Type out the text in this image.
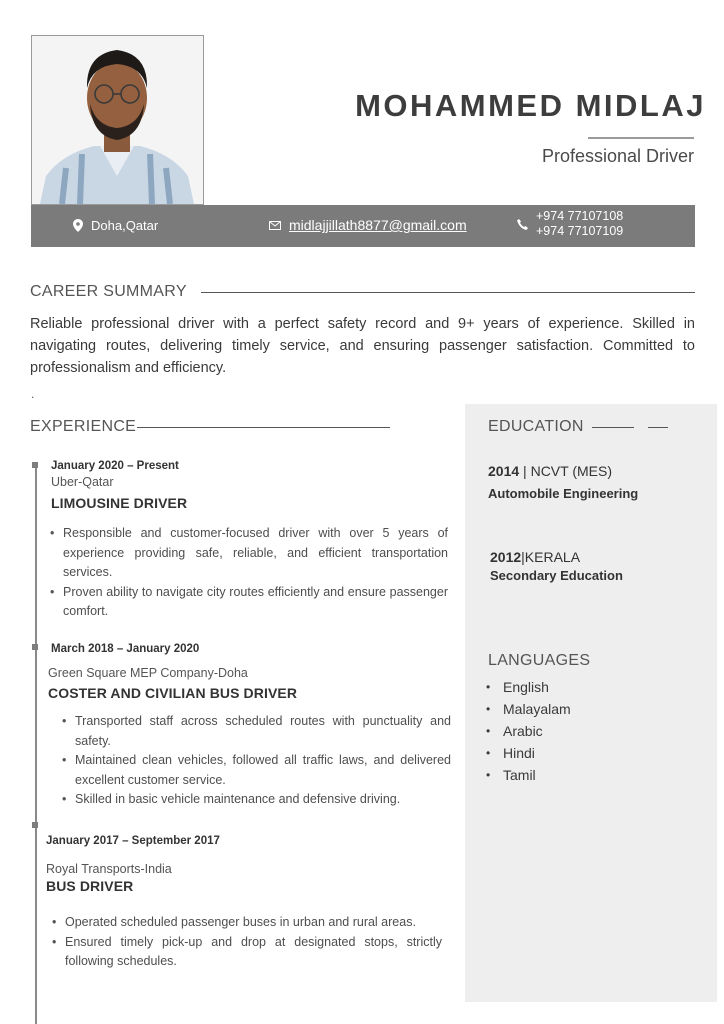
MOHAMMED MIDLAJ
Professional Driver
Doha,Qatar	midlajjillath8877@gmail.com
+974 77107108
+974 77107109
CAREER SUMMARY

Reliable professional driver with a perfect safety record and 9+ years of experience. Skilled in navigating routes, delivering timely service, and ensuring passenger satisfaction. Committed to professionalism and efficiency.

.
EXPERIENCE
January 2020 – Present
Uber-Qatar
LIMOUSINE DRIVER
• Responsible and customer-focused driver with over 5 years of experience providing safe, reliable, and efficient transportation services.
• Proven ability to navigate city routes efficiently and ensure passenger comfort.
March 2018 – January 2020
Green Square MEP Company-Doha
COSTER AND CIVILIAN BUS DRIVER
• Transported staff across scheduled routes with punctuality and safety.
• Maintained clean vehicles, followed all traffic laws, and delivered excellent customer service.
• Skilled in basic vehicle maintenance and defensive driving.
January 2017 – September 2017
Royal Transports-India
BUS DRIVER
• Operated scheduled passenger buses in urban and rural areas.
• Ensured timely pick-up and drop at designated stops, strictly following schedules.
EDUCATION
2014 | NCVT (MES)
Automobile Engineering
2012|KERALA
Secondary Education
LANGUAGES
• English
• Malayalam
• Arabic
• Hindi
• Tamil
